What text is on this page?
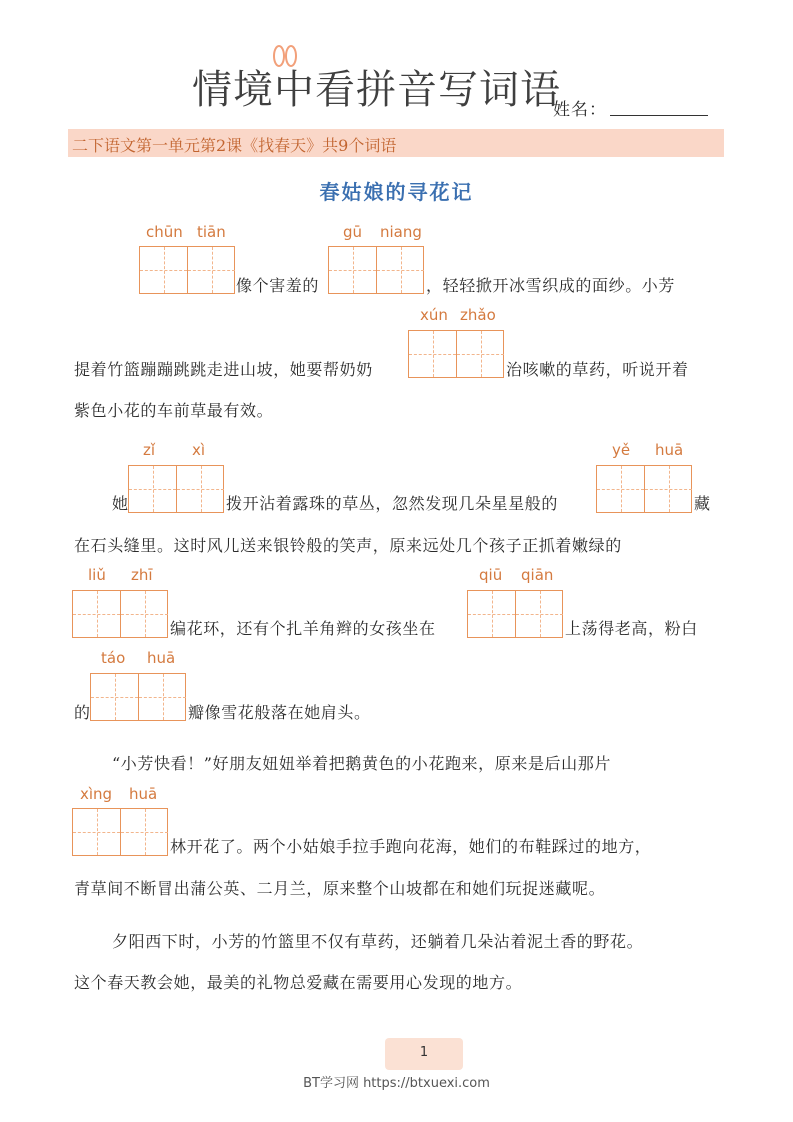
情境中看拼音写词语
姓名：
二下语文第一单元第2课《找春天》共9个词语
春姑娘的寻花记
chūn tiān
像个害羞的
gū niang
，轻轻掀开冰雪织成的面纱。小芳
xún zhǎo
提着竹篮蹦蹦跳跳走进山坡，她要帮奶奶	治咳嗽的草药，听说开着
紫色小花的车前草最有效。
zǐ xì
她	拨开沾着露珠的草丛，忽然发现几朵星星般的
yě huā
藏
在石头缝里。这时风儿送来银铃般的笑声，原来远处几个孩子正抓着嫩绿的
liǔ zhī
编花环，还有个扎羊角辫的女孩坐在
qiū qiān
上荡得老高，粉白
táo huā
的	瓣像雪花般落在她肩头。
“小芳快看！”好朋友妞妞举着把鹅黄色的小花跑来，原来是后山那片
xìng huā
林开花了。两个小姑娘手拉手跑向花海，她们的布鞋踩过的地方，
青草间不断冒出蒲公英、二月兰，原来整个山坡都在和她们玩捉迷藏呢。
夕阳西下时，小芳的竹篮里不仅有草药，还躺着几朵沾着泥土香的野花。
这个春天教会她，最美的礼物总爱藏在需要用心发现的地方。
1
BT学习网 https://btxuexi.com
